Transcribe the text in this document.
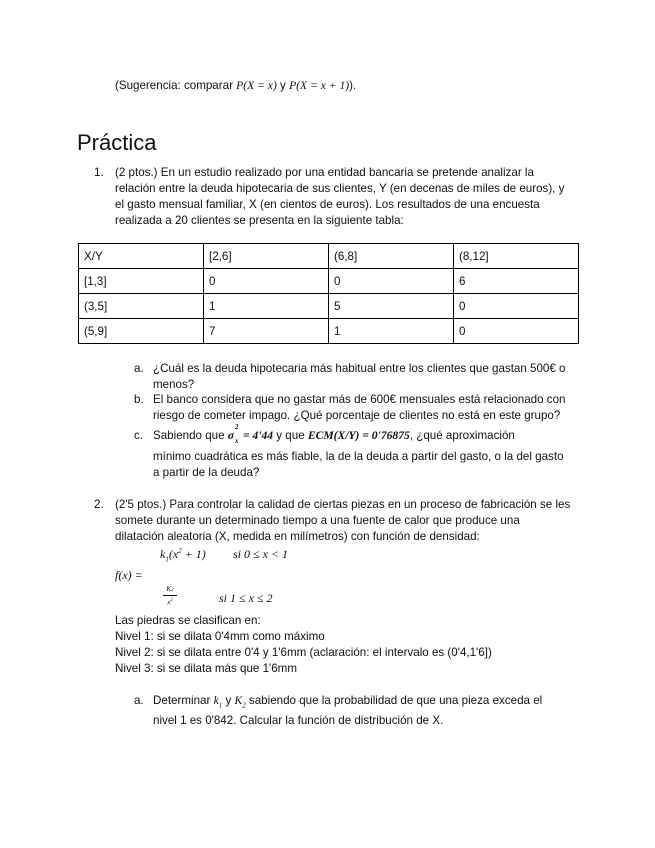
(Sugerencia: comparar P(X = x) y P(X = x + 1)).
Práctica
1. (2 ptos.) En un estudio realizado por una entidad bancaria se pretende analizar la
relación entre la deuda hipotecaria de sus clientes, Y (en decenas de miles de euros), y
el gasto mensual familiar, X (en cientos de euros). Los resultados de una encuesta
realizada a 20 clientes se presenta en la siguiente tabla:
X/Y	[2,6]	(6,8]	(8,12]
[1,3]	0	0	6
(3,5]	1	5	0
(5,9]	7	1	0
a. ¿Cuál es la deuda hipotecaria más habitual entre los clientes que gastan 500€ o
menos?
b. El banco considera que no gastar más de 600€ mensuales está relacionado con
riesgo de cometer impago. ¿Qué porcentaje de clientes no está en este grupo?
c. Sabiendo que σ
2
x = 4'44 y que ECM(X/Y) = 0'76875, ¿qué aproximación
mínimo cuadrática es más fiable, la de la deuda a partir del gasto, o la del gasto
a partir de la deuda?
2. (2'5 ptos.) Para controlar la calidad de ciertas piezas en un proceso de fabricación se les
somete durante un determinado tiempo a una fuente de calor que produce una
dilatación aleatoria (X, medida en milímetros) con función de densidad:
$k_1(x^2 + 1)$ si 0 ≤ x < 1
f(x) =
K2
$x^2$	si 1 ≤ x ≤ 2
Las piedras se clasifican en:
Nivel 1: si se dilata 0'4mm como máximo
Nivel 2: si se dilata entre 0'4 y 1'6mm (aclaración: el intervalo es (0'4,1'6])
Nivel 3: si se dilata más que 1'6mm
a. Determinar $k_1$ y $K_2$ sabiendo que la probabilidad de que una pieza exceda el
nivel 1 es 0'842. Calcular la función de distribución de X.
